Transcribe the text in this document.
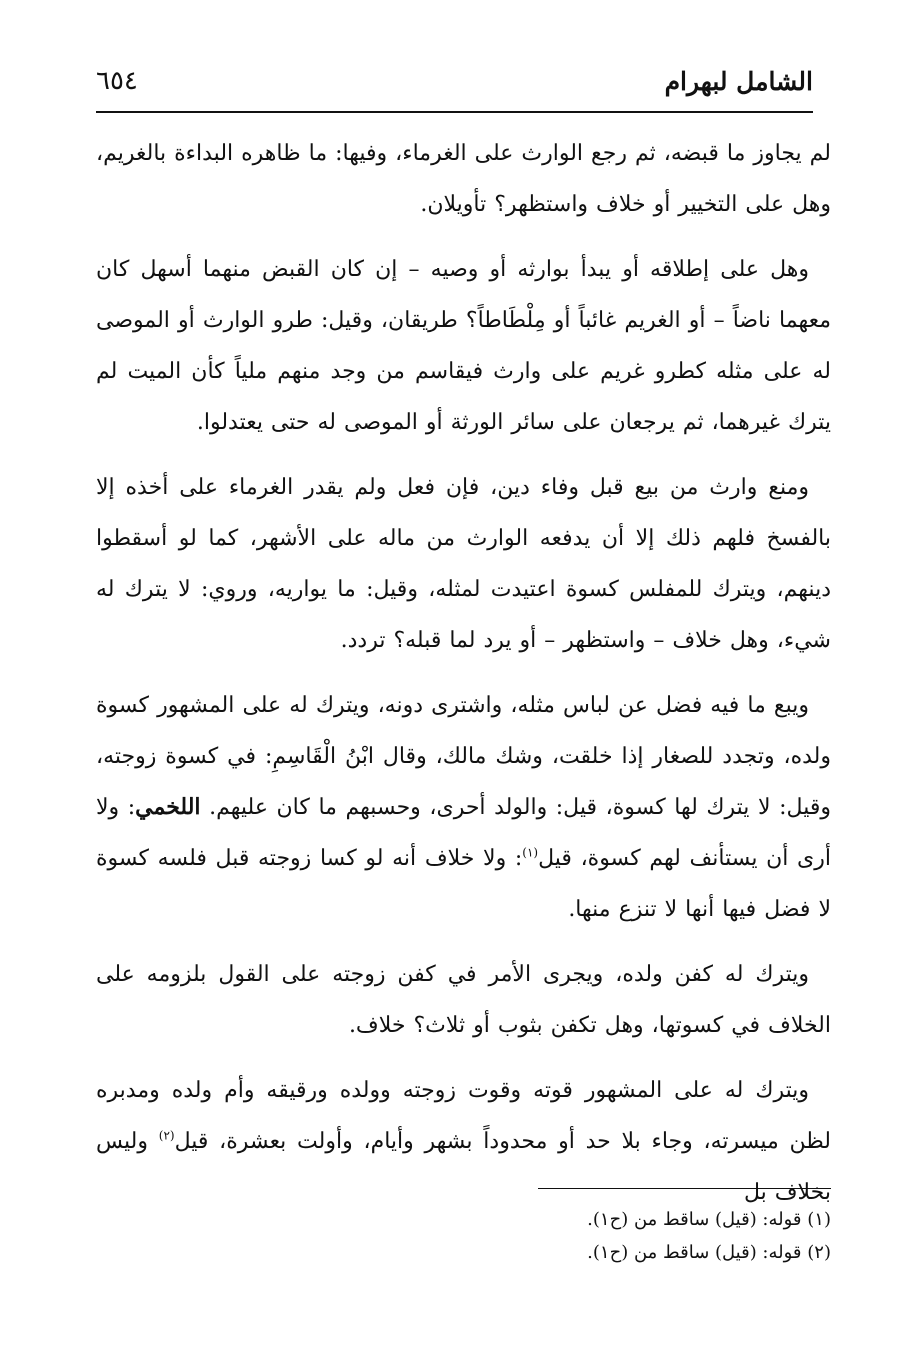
الشامل لبهرام
٦٥٤

لم يجاوز ما قبضه، ثم رجع الوارث على الغرماء، وفيها: ما ظاهره البداءة بالغريم، وهل على التخيير أو خلاف واستظهر؟ تأويلان.

وهل على إطلاقه أو يبدأ بوارثه أو وصيه – إن كان القبض منهما أسهل كان معهما ناضاً – أو الغريم غائباً أو مِلْطَاطاً؟ طريقان، وقيل: طرو الوارث أو الموصى له على مثله كطرو غريم على وارث فيقاسم من وجد منهم ملياً كأن الميت لم يترك غيرهما، ثم يرجعان على سائر الورثة أو الموصى له حتى يعتدلوا.

ومنع وارث من بيع قبل وفاء دين، فإن فعل ولم يقدر الغرماء على أخذه إلا بالفسخ فلهم ذلك إلا أن يدفعه الوارث من ماله على الأشهر، كما لو أسقطوا دينهم، ويترك للمفلس كسوة اعتيدت لمثله، وقيل: ما يواريه، وروي: لا يترك له شيء، وهل خلاف – واستظهر – أو يرد لما قبله؟ تردد.

ويبع ما فيه فضل عن لباس مثله، واشترى دونه، ويترك له على المشهور كسوة ولده، وتجدد للصغار إذا خلقت، وشك مالك، وقال ابْنُ الْقَاسِمِ: في كسوة زوجته، وقيل: لا يترك لها كسوة، قيل: والولد أحرى، وحسبهم ما كان عليهم. اللخمي: ولا أرى أن يستأنف لهم كسوة، قيل$^{(١)}$: ولا خلاف أنه لو كسا زوجته قبل فلسه كسوة لا فضل فيها أنها لا تنزع منها.

ويترك له كفن ولده، ويجرى الأمر في كفن زوجته على القول بلزومه على الخلاف في كسوتها، وهل تكفن بثوب أو ثلاث؟ خلاف.

ويترك له على المشهور قوته وقوت زوجته وولده ورقيقه وأم ولده ومدبره لظن ميسرته، وجاء بلا حد أو محدوداً بشهر وأيام، وأولت بعشرة، قيل$^{(٢)}$ وليس بخلاف بل

(١) قوله: (قيل) ساقط من (ح١).

(٢) قوله: (قيل) ساقط من (ح١).
